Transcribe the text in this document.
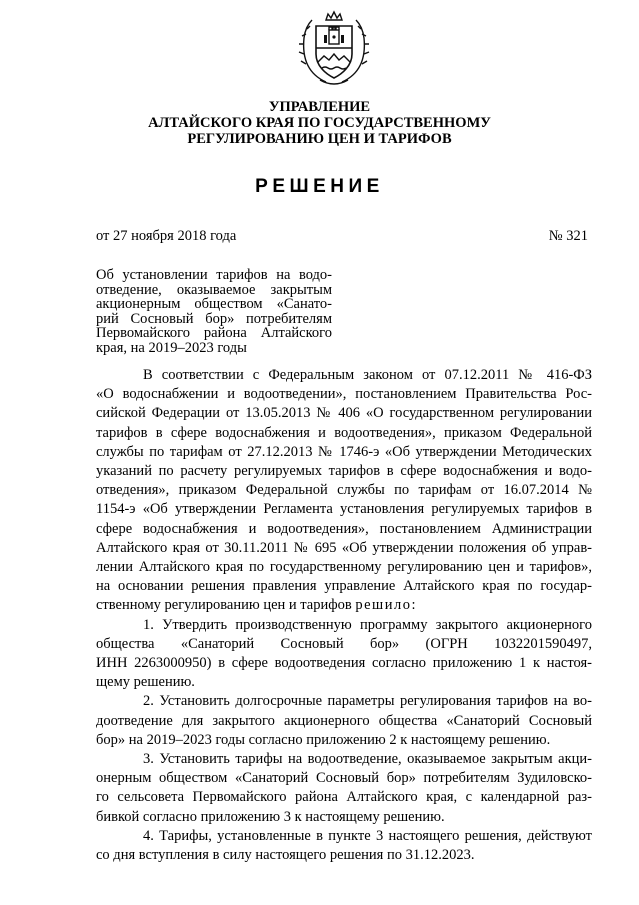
УПРАВЛЕНИЕ
АЛТАЙСКОГО КРАЯ ПО ГОСУДАРСТВЕННОМУ
РЕГУЛИРОВАНИЮ ЦЕН И ТАРИФОВ
РЕШЕНИЕ
от 27 ноября 2018 года	№ 321
Об установлении тарифов на водо-
отведение, оказываемое закрытым
акционерным обществом «Санато-
рий Сосновый бор» потребителям
Первомайского района Алтайского
края, на 2019–2023 годы
В соответствии с Федеральным законом от 07.12.2011 № 416-ФЗ
«О водоснабжении и водоотведении», постановлением Правительства Рос-
сийской Федерации от 13.05.2013 № 406 «О государственном регулировании
тарифов в сфере водоснабжения и водоотведения», приказом Федеральной
службы по тарифам от 27.12.2013 № 1746-э «Об утверждении Методических
указаний по расчету регулируемых тарифов в сфере водоснабжения и водо-
отведения», приказом Федеральной службы по тарифам от 16.07.2014 №
1154-э «Об утверждении Регламента установления регулируемых тарифов в
сфере водоснабжения и водоотведения», постановлением Администрации
Алтайского края от 30.11.2011 № 695 «Об утверждении положения об управ-
лении Алтайского края по государственному регулированию цен и тарифов»,
на основании решения правления управление Алтайского края по государ-
ственному регулированию цен и тарифов решило:
1. Утвердить производственную программу закрытого акционерного
общества «Санаторий Сосновый бор» (ОГРН 1032201590497,
ИНН 2263000950) в сфере водоотведения согласно приложению 1 к настоя-
щему решению.
2. Установить долгосрочные параметры регулирования тарифов на во-
доотведение для закрытого акционерного общества «Санаторий Сосновый
бор» на 2019–2023 годы согласно приложению 2 к настоящему решению.
3. Установить тарифы на водоотведение, оказываемое закрытым акци-
онерным обществом «Санаторий Сосновый бор» потребителям Зудиловско-
го сельсовета Первомайского района Алтайского края, с календарной раз-
бивкой согласно приложению 3 к настоящему решению.
4. Тарифы, установленные в пункте 3 настоящего решения, действуют
со дня вступления в силу настоящего решения по 31.12.2023.
